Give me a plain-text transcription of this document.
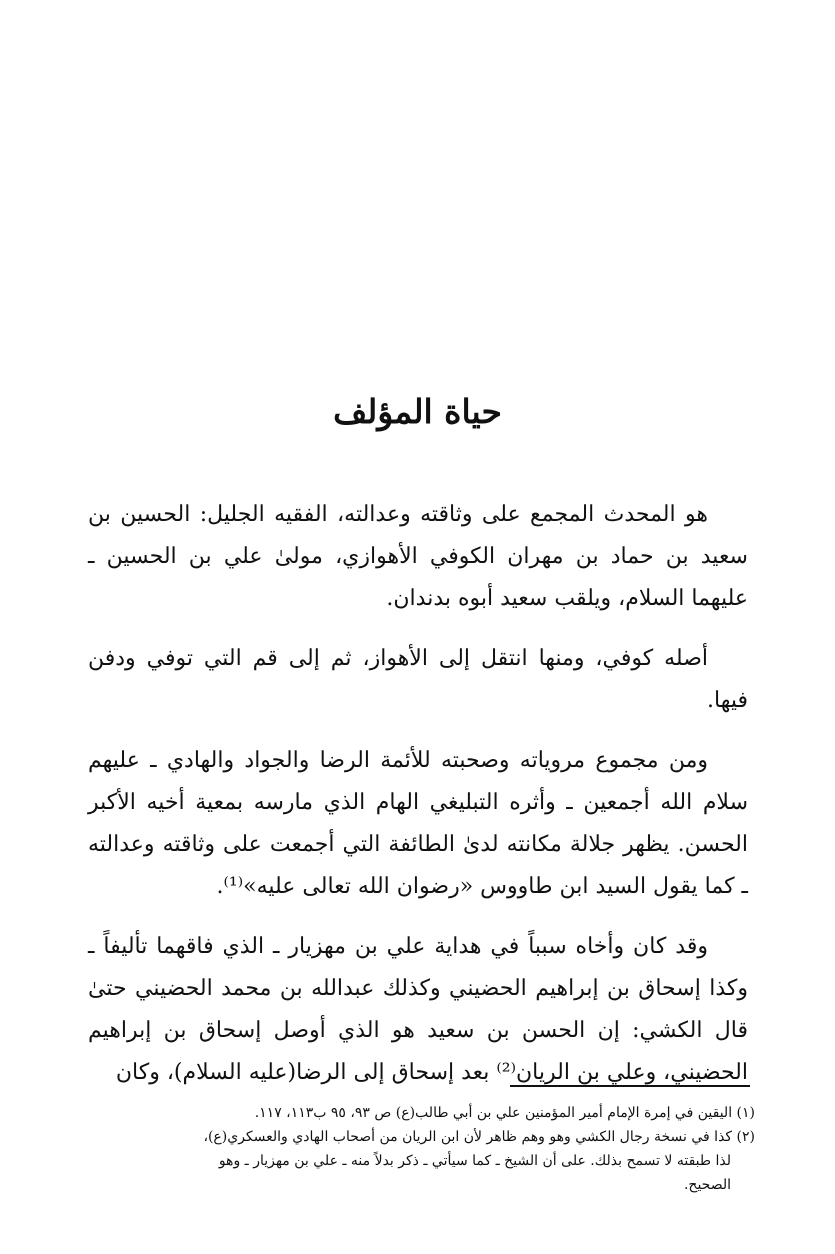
حياة المؤلف

هو المحدث المجمع على وثاقته وعدالته، الفقيه الجليل: الحسين بن سعيد بن حماد بن مهران الكوفي الأهوازي، مولىٰ علي بن الحسين ـ عليهما السلام، ويلقب سعيد أبوه بدندان.

أصله كوفي، ومنها انتقل إلى الأهواز، ثم إلى قم التي توفي ودفن فيها.

ومن مجموع مروياته وصحبته للأئمة الرضا والجواد والهادي ـ عليهم سلام الله أجمعين ـ وأثره التبليغي الهام الذي مارسه بمعية أخيه الأكبر الحسن. يظهر جلالة مكانته لدىٰ الطائفة التي أجمعت على وثاقته وعدالته ـ كما يقول السيد ابن طاووس «رضوان الله تعالى عليه»⁽¹⁾.

وقد كان وأخاه سبباً في هداية علي بن مهزيار ـ الذي فاقهما تأليفاً ـ وكذا إسحاق بن إبراهيم الحضيني وكذلك عبدالله بن محمد الحضيني حتىٰ قال الكشي: إن الحسن بن سعيد هو الذي أوصل إسحاق بن إبراهيم الحضيني، وعلي بن الريان⁽²⁾ بعد إسحاق إلى الرضا(عليه السلام)، وكان

(١) اليقين في إمرة الإمام أمير المؤمنين علي بن أبي طالب(ع) ص ٩٣، ٩٥ ب١١٣، ١١٧.

(٢) كذا في نسخة رجال الكشي وهو وهم ظاهر لأن ابن الريان من أصحاب الهادي والعسكري(ع)،

لذا طبقته لا تسمح بذلك. على أن الشيخ ـ كما سيأتي ـ ذكر بدلاً منه ـ علي بن مهزيار ـ وهو

الصحيح.
